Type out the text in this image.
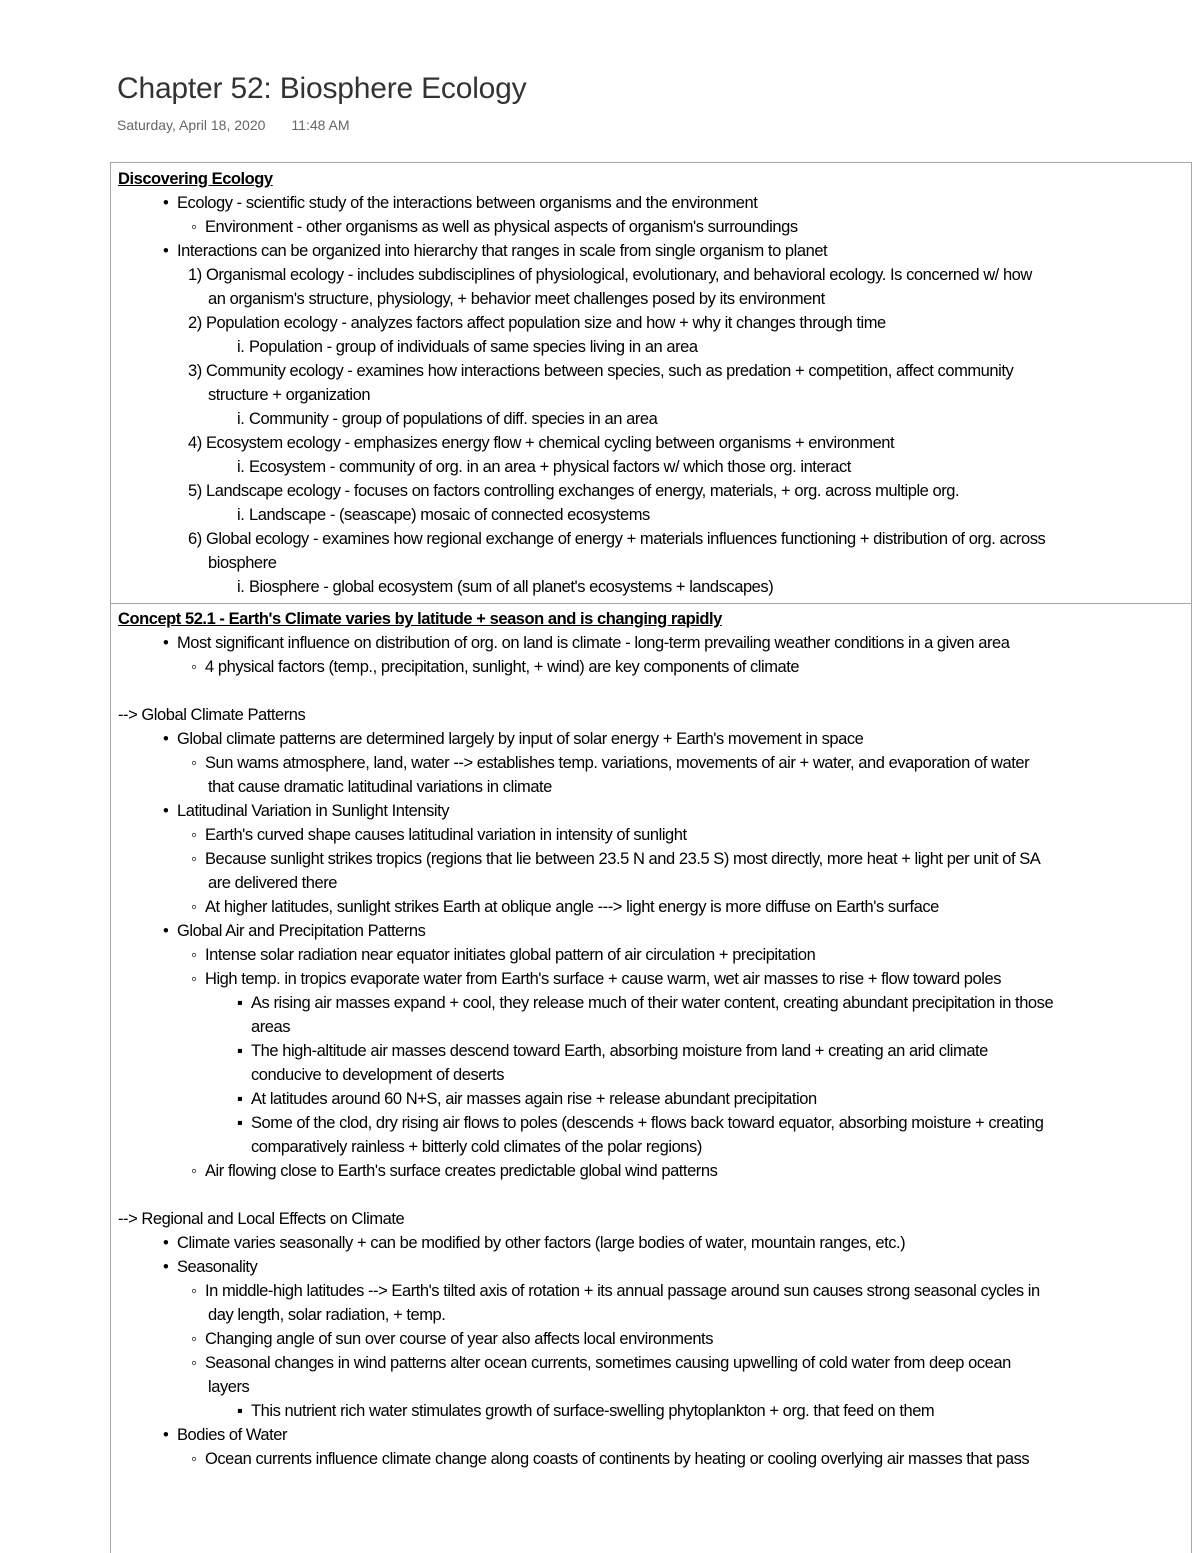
Chapter 52: Biosphere Ecology
Saturday, April 18, 2020 11:48 AM
Discovering Ecology
• Ecology - scientific study of the interactions between organisms and the environment
◦ Environment - other organisms as well as physical aspects of organism's surroundings
• Interactions can be organized into hierarchy that ranges in scale from single organism to planet
1) Organismal ecology - includes subdisciplines of physiological, evolutionary, and behavioral ecology. Is concerned w/ how
an organism's structure, physiology, + behavior meet challenges posed by its environment
2) Population ecology - analyzes factors affect population size and how + why it changes through time
i. Population - group of individuals of same species living in an area
3) Community ecology - examines how interactions between species, such as predation + competition, affect community
structure + organization
i. Community - group of populations of diff. species in an area
4) Ecosystem ecology - emphasizes energy flow + chemical cycling between organisms + environment
i. Ecosystem - community of org. in an area + physical factors w/ which those org. interact
5) Landscape ecology - focuses on factors controlling exchanges of energy, materials, + org. across multiple org.
i. Landscape - (seascape) mosaic of connected ecosystems
6) Global ecology - examines how regional exchange of energy + materials influences functioning + distribution of org. across
biosphere
i. Biosphere - global ecosystem (sum of all planet's ecosystems + landscapes)
Concept 52.1 - Earth's Climate varies by latitude + season and is changing rapidly
• Most significant influence on distribution of org. on land is climate - long-term prevailing weather conditions in a given area
◦ 4 physical factors (temp., precipitation, sunlight, + wind) are key components of climate
--> Global Climate Patterns
• Global climate patterns are determined largely by input of solar energy + Earth's movement in space
◦ Sun wams atmosphere, land, water --> establishes temp. variations, movements of air + water, and evaporation of water
that cause dramatic latitudinal variations in climate
• Latitudinal Variation in Sunlight Intensity
◦ Earth's curved shape causes latitudinal variation in intensity of sunlight
◦ Because sunlight strikes tropics (regions that lie between 23.5 N and 23.5 S) most directly, more heat + light per unit of SA
are delivered there
◦ At higher latitudes, sunlight strikes Earth at oblique angle ---> light energy is more diffuse on Earth's surface
• Global Air and Precipitation Patterns
◦ Intense solar radiation near equator initiates global pattern of air circulation + precipitation
◦ High temp. in tropics evaporate water from Earth's surface + cause warm, wet air masses to rise + flow toward poles
▪ As rising air masses expand + cool, they release much of their water content, creating abundant precipitation in those
areas
▪ The high-altitude air masses descend toward Earth, absorbing moisture from land + creating an arid climate
conducive to development of deserts
▪ At latitudes around 60 N+S, air masses again rise + release abundant precipitation
▪ Some of the clod, dry rising air flows to poles (descends + flows back toward equator, absorbing moisture + creating
comparatively rainless + bitterly cold climates of the polar regions)
◦ Air flowing close to Earth's surface creates predictable global wind patterns
--> Regional and Local Effects on Climate
• Climate varies seasonally + can be modified by other factors (large bodies of water, mountain ranges, etc.)
• Seasonality
◦ In middle-high latitudes --> Earth's tilted axis of rotation + its annual passage around sun causes strong seasonal cycles in
day length, solar radiation, + temp.
◦ Changing angle of sun over course of year also affects local environments
◦ Seasonal changes in wind patterns alter ocean currents, sometimes causing upwelling of cold water from deep ocean
layers
▪ This nutrient rich water stimulates growth of surface-swelling phytoplankton + org. that feed on them
• Bodies of Water
◦ Ocean currents influence climate change along coasts of continents by heating or cooling overlying air masses that pass
